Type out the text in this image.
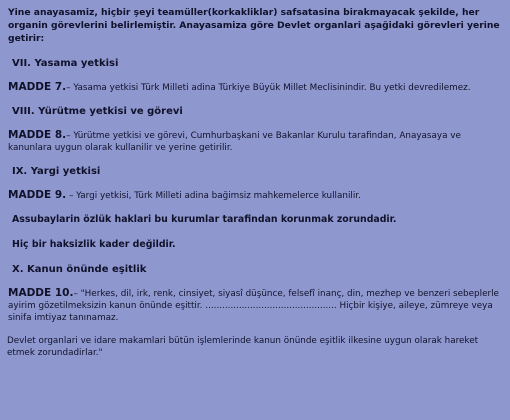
Yine anayasamiz, hiçbir şeyi teamüller(korkakliklar) safsatasina birakmayacak şekilde, her organin görevlerini belirlemiştir. Anayasamiza göre Devlet organlari aşağidaki görevleri yerine getirir:

VII. Yasama yetkisi

MADDE 7.– Yasama yetkisi Türk Milleti adina Türkiye Büyük Millet Meclisinindir. Bu yetki devredilemez.

VIII. Yürütme yetkisi ve görevi

MADDE 8.– Yürütme yetkisi ve görevi, Cumhurbaşkani ve Bakanlar Kurulu tarafindan, Anayasaya ve kanunlara uygun olarak kullanilir ve yerine getirilir.

IX. Yargi yetkisi

MADDE 9. – Yargi yetkisi, Türk Milleti adina bağimsiz mahkemelerce kullanilir.

Assubaylarin özlük haklari bu kurumlar tarafindan korunmak zorundadir.

Hiç bir haksizlik kader değildir.

X. Kanun önünde eşitlik

MADDE 10.– "Herkes, dil, irk, renk, cinsiyet, siyasî düşünce, felsefî inanç, din, mezhep ve benzeri sebeplerle ayirim gözetilmeksizin kanun önünde eşittir. ............................................... Hiçbir kişiye, aileye, zümreye veya sinifa imtiyaz tanınamaz.

Devlet organlari ve idare makamlari bütün işlemlerinde kanun önünde eşitlik ilkesine uygun olarak hareket etmek zorundadirlar."
